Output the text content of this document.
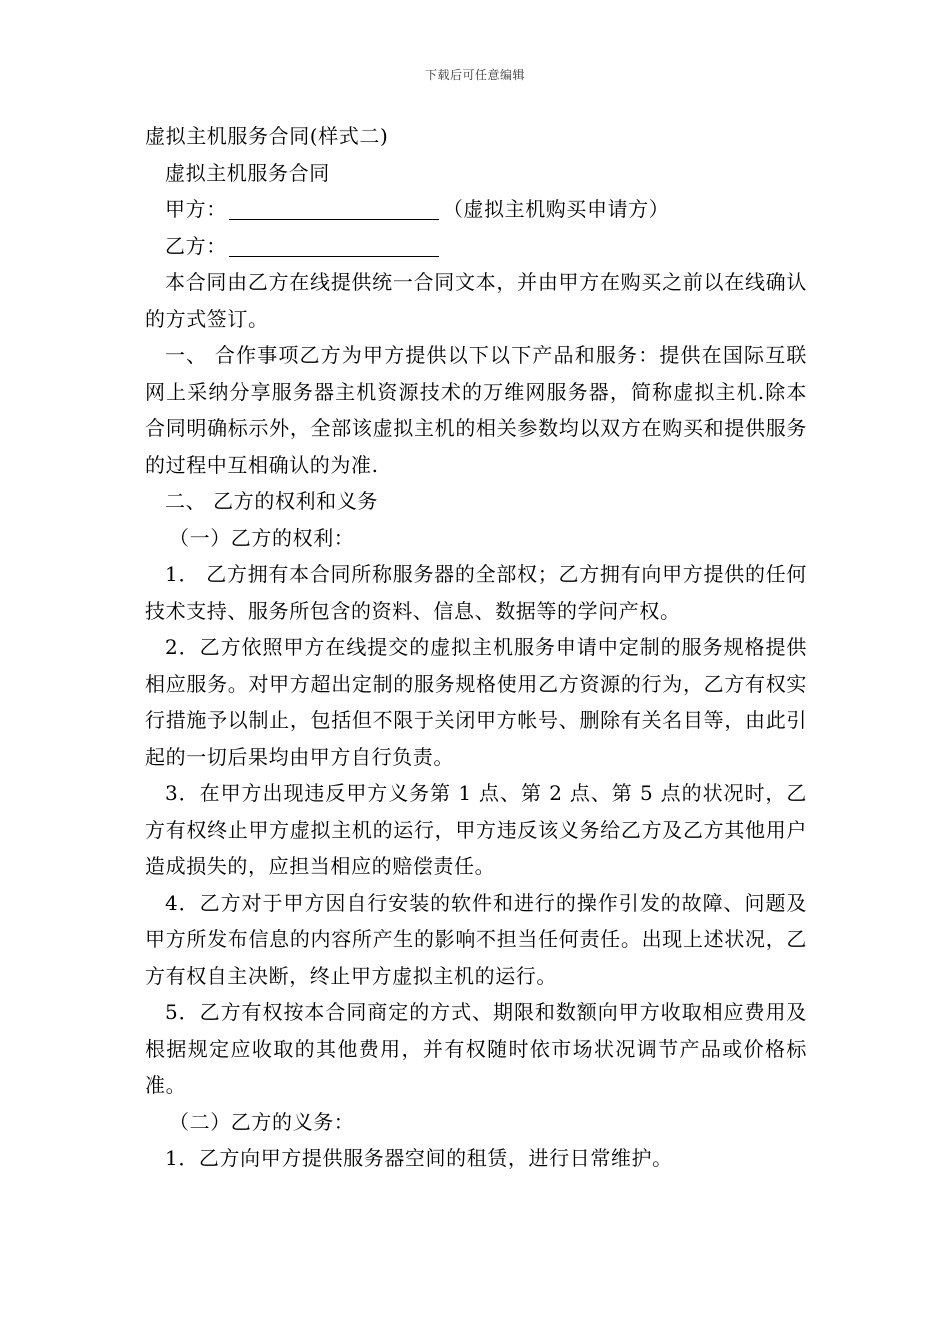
下载后可任意编辑

虚拟主机服务合同(样式二)

虚拟主机服务合同

甲方：	（虚拟主机购买申请方）

乙方：

本合同由乙方在线提供统一合同文本，并由甲方在购买之前以在线确认的方式签订。

一、 合作事项乙方为甲方提供以下以下产品和服务：提供在国际互联网上采纳分享服务器主机资源技术的万维网服务器，简称虚拟主机.除本合同明确标示外，全部该虚拟主机的相关参数均以双方在购买和提供服务的过程中互相确认的为准.

二、 乙方的权利和义务

（一）乙方的权利：

1． 乙方拥有本合同所称服务器的全部权；乙方拥有向甲方提供的任何技术支持、服务所包含的资料、信息、数据等的学问产权。

2．乙方依照甲方在线提交的虚拟主机服务申请中定制的服务规格提供相应服务。对甲方超出定制的服务规格使用乙方资源的行为，乙方有权实行措施予以制止，包括但不限于关闭甲方帐号、删除有关名目等，由此引起的一切后果均由甲方自行负责。

3．在甲方出现违反甲方义务第 1 点、第 2 点、第 5 点的状况时，乙方有权终止甲方虚拟主机的运行，甲方违反该义务给乙方及乙方其他用户造成损失的，应担当相应的赔偿责任。

4．乙方对于甲方因自行安装的软件和进行的操作引发的故障、问题及甲方所发布信息的内容所产生的影响不担当任何责任。出现上述状况，乙方有权自主决断，终止甲方虚拟主机的运行。

5．乙方有权按本合同商定的方式、期限和数额向甲方收取相应费用及根据规定应收取的其他费用，并有权随时依市场状况调节产品或价格标准。

（二）乙方的义务：

1．乙方向甲方提供服务器空间的租赁，进行日常维护。
